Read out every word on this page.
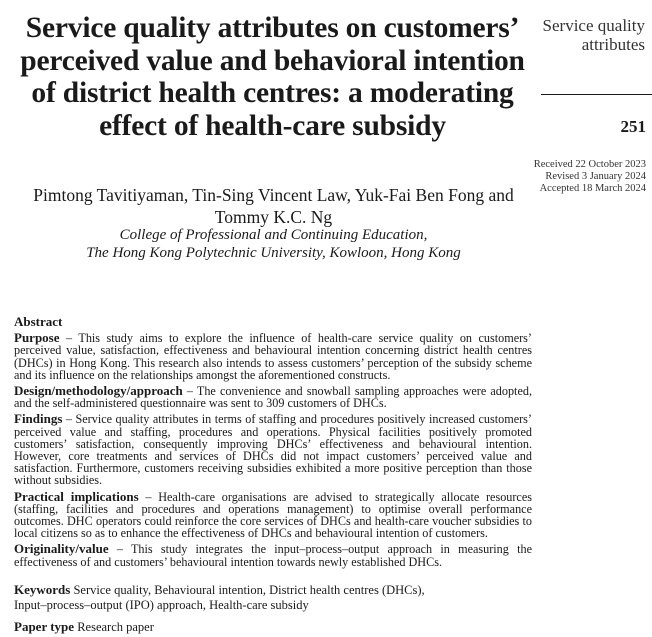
Service quality attributes on customers’ perceived value and behavioral intention of district health centres: a moderating effect of health-care subsidy
Pimtong Tavitiyaman, Tin-Sing Vincent Law, Yuk-Fai Ben Fong and Tommy K.C. Ng
College of Professional and Continuing Education,
The Hong Kong Polytechnic University, Kowloon, Hong Kong
Service quality
attributes
251
Received 22 October 2023
Revised 3 January 2024
Accepted 18 March 2024
Abstract

Purpose – This study aims to explore the influence of health-care service quality on customers’ perceived value, satisfaction, effectiveness and behavioural intention concerning district health centres (DHCs) in Hong Kong. This research also intends to assess customers’ perception of the subsidy scheme and its influence on the relationships amongst the aforementioned constructs.

Design/methodology/approach – The convenience and snowball sampling approaches were adopted, and the self-administered questionnaire was sent to 309 customers of DHCs.

Findings – Service quality attributes in terms of staffing and procedures positively increased customers’ perceived value and staffing, procedures and operations. Physical facilities positively promoted customers’ satisfaction, consequently improving DHCs’ effectiveness and behavioural intention. However, core treatments and services of DHCs did not impact customers’ perceived value and satisfaction. Furthermore, customers receiving subsidies exhibited a more positive perception than those without subsidies.

Practical implications – Health-care organisations are advised to strategically allocate resources (staffing, facilities and procedures and operations management) to optimise overall performance outcomes. DHC operators could reinforce the core services of DHCs and health-care voucher subsidies to local citizens so as to enhance the effectiveness of DHCs and behavioural intention of customers.

Originality/value – This study integrates the input–process–output approach in measuring the effectiveness of and customers’ behavioural intention towards newly established DHCs.

Keywords Service quality, Behavioural intention, District health centres (DHCs),
Input–process–output (IPO) approach, Health-care subsidy
Paper type Research paper
